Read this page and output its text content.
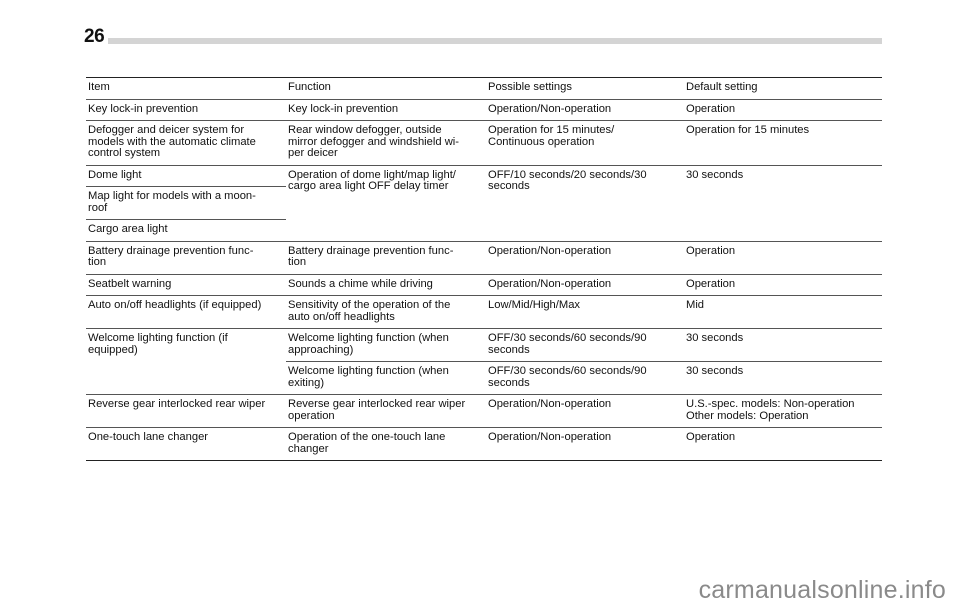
26
Item	Function	Possible settings	Default setting
Key lock-in prevention	Key lock-in prevention	Operation/Non-operation	Operation
Defogger and deicer system for
models with the automatic climate
control system	Rear window defogger, outside
mirror defogger and windshield wi-
per deicer	Operation for 15 minutes/
Continuous operation	Operation for 15 minutes
Dome light	Operation of dome light/map light/
cargo area light OFF delay timer	OFF/10 seconds/20 seconds/30
seconds	30 seconds
Map light for models with a moon-
roof			
Cargo area light			
Battery drainage prevention func-
tion	Battery drainage prevention func-
tion	Operation/Non-operation	Operation
Seatbelt warning	Sounds a chime while driving	Operation/Non-operation	Operation
Auto on/off headlights (if equipped)	Sensitivity of the operation of the
auto on/off headlights	Low/Mid/High/Max	Mid
Welcome lighting function (if
equipped)	Welcome lighting function (when
approaching)	OFF/30 seconds/60 seconds/90
seconds	30 seconds
	Welcome lighting function (when
exiting)	OFF/30 seconds/60 seconds/90
seconds	30 seconds
Reverse gear interlocked rear wiper	Reverse gear interlocked rear wiper
operation	Operation/Non-operation	U.S.-spec. models: Non-operation
Other models: Operation
One-touch lane changer	Operation of the one-touch lane
changer	Operation/Non-operation	Operation
carmanualsonline.info
